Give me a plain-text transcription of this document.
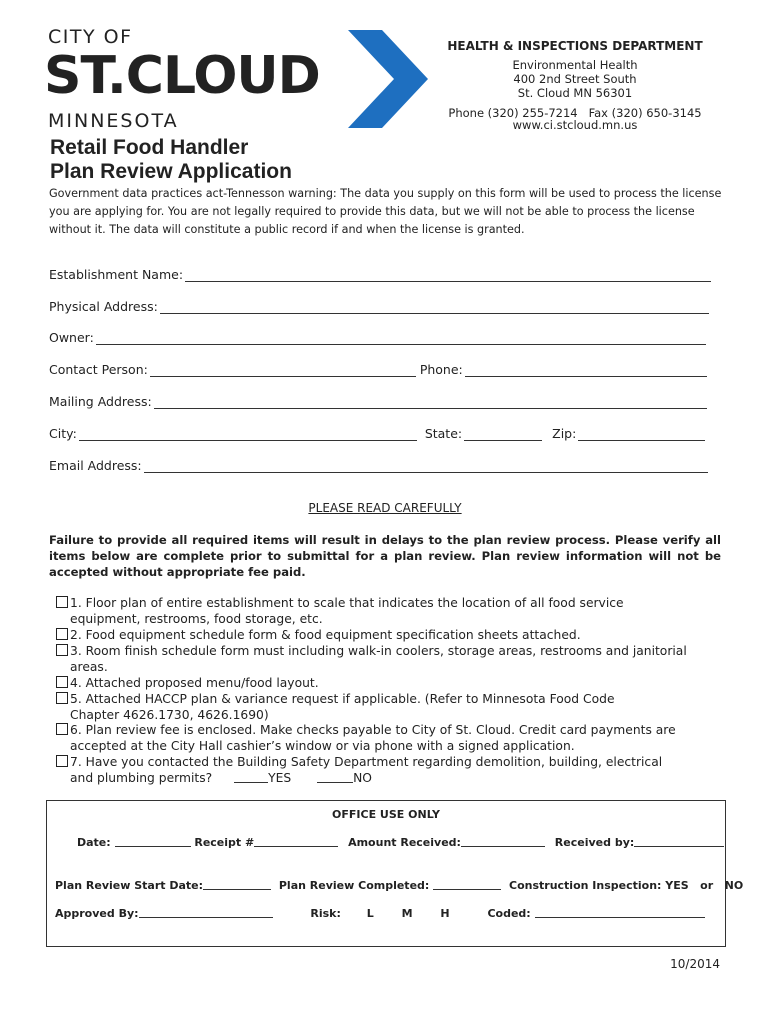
CITY OF
ST.CLOUD
MINNESOTA
HEALTH & INSPECTIONS DEPARTMENT
Environmental Health
400 2nd Street South
St. Cloud MN 56301
Phone (320) 255-7214   Fax (320) 650-3145
www.ci.stcloud.mn.us
Retail Food Handler
Plan Review Application
Government data practices act-Tennesson warning: The data you supply on this form will be used to process the license you are applying for. You are not legally required to provide this data, but we will not be able to process the license without it. The data will constitute a public record if and when the license is granted.
Establishment Name:
Physical Address:
Owner:
Contact Person:	Phone:
Mailing Address:
City:	State:	Zip:
Email Address:
PLEASE READ CAREFULLY
Failure to provide all required items will result in delays to the plan review process. Please verify all items below are complete prior to submittal for a plan review. Plan review information will not be accepted without appropriate fee paid.
1. Floor plan of entire establishment to scale that indicates the location of all food service
equipment, restrooms, food storage, etc.
2. Food equipment schedule form & food equipment specification sheets attached.
3. Room finish schedule form must including walk-in coolers, storage areas, restrooms and janitorial
areas.
4. Attached proposed menu/food layout.
5. Attached HACCP plan & variance request if applicable. (Refer to Minnesota Food Code
Chapter 4626.1730, 4626.1690)
6. Plan review fee is enclosed. Make checks payable to City of St. Cloud. Credit card payments are
accepted at the City Hall cashier’s window or via phone with a signed application.
7. Have you contacted the Building Safety Department regarding demolition, building, electrical
and plumbing permits?	YES	NO
OFFICE USE ONLY
Date:	Receipt #	Amount Received:	Received by:
Plan Review Start Date:	Plan Review Completed:	Construction Inspection: YES   or   NO
Approved By:	Risk: L	M	H	Coded:
10/2014
